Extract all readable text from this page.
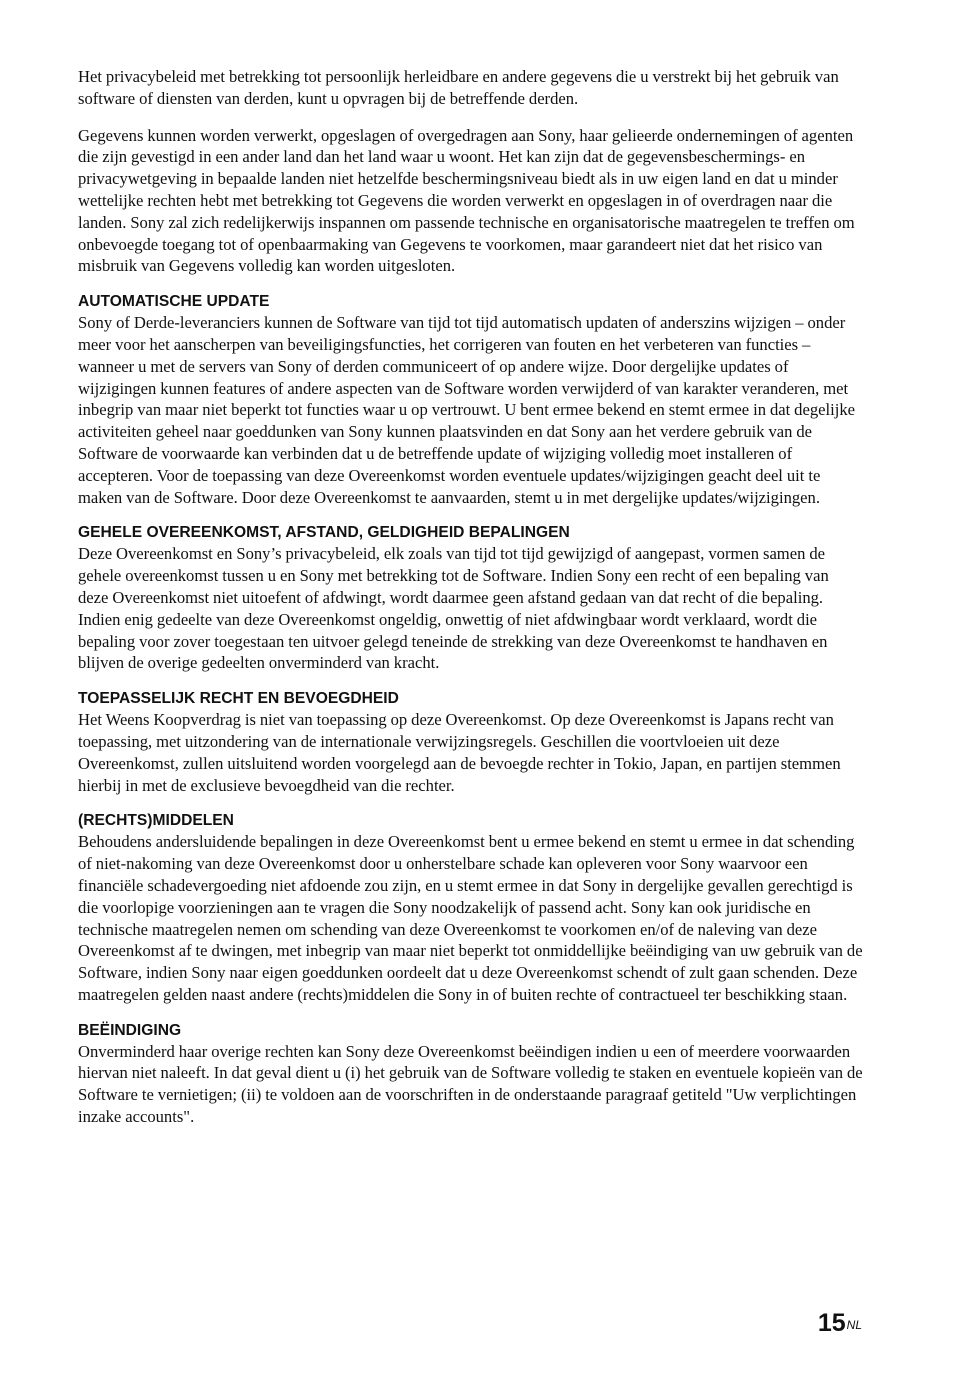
Het privacybeleid met betrekking tot persoonlijk herleidbare en andere gegevens die u verstrekt bij het gebruik van software of diensten van derden, kunt u opvragen bij de betreffende derden.

Gegevens kunnen worden verwerkt, opgeslagen of overgedragen aan Sony, haar gelieerde ondernemingen of agenten die zijn gevestigd in een ander land dan het land waar u woont. Het kan zijn dat de gegevensbeschermings- en privacywetgeving in bepaalde landen niet hetzelfde beschermingsniveau biedt als in uw eigen land en dat u minder wettelijke rechten hebt met betrekking tot Gegevens die worden verwerkt en opgeslagen in of overdragen naar die landen. Sony zal zich redelijkerwijs inspannen om passende technische en organisatorische maatregelen te treffen om onbevoegde toegang tot of openbaarmaking van Gegevens te voorkomen, maar garandeert niet dat het risico van misbruik van Gegevens volledig kan worden uitgesloten.

AUTOMATISCHE UPDATE

Sony of Derde-leveranciers kunnen de Software van tijd tot tijd automatisch updaten of anderszins wijzigen – onder meer voor het aanscherpen van beveiligingsfuncties, het corrigeren van fouten en het verbeteren van functies – wanneer u met de servers van Sony of derden communiceert of op andere wijze. Door dergelijke updates of wijzigingen kunnen features of andere aspecten van de Software worden verwijderd of van karakter veranderen, met inbegrip van maar niet beperkt tot functies waar u op vertrouwt. U bent ermee bekend en stemt ermee in dat degelijke activiteiten geheel naar goeddunken van Sony kunnen plaatsvinden en dat Sony aan het verdere gebruik van de Software de voorwaarde kan verbinden dat u de betreffende update of wijziging volledig moet installeren of accepteren. Voor de toepassing van deze Overeenkomst worden eventuele updates/wijzigingen geacht deel uit te maken van de Software. Door deze Overeenkomst te aanvaarden, stemt u in met dergelijke updates/wijzigingen.

GEHELE OVEREENKOMST, AFSTAND, GELDIGHEID BEPALINGEN

Deze Overeenkomst en Sony’s privacybeleid, elk zoals van tijd tot tijd gewijzigd of aangepast, vormen samen de gehele overeenkomst tussen u en Sony met betrekking tot de Software. Indien Sony een recht of een bepaling van deze Overeenkomst niet uitoefent of afdwingt, wordt daarmee geen afstand gedaan van dat recht of die bepaling. Indien enig gedeelte van deze Overeenkomst ongeldig, onwettig of niet afdwingbaar wordt verklaard, wordt die bepaling voor zover toegestaan ten uitvoer gelegd teneinde de strekking van deze Overeenkomst te handhaven en blijven de overige gedeelten onverminderd van kracht.

TOEPASSELIJK RECHT EN BEVOEGDHEID

Het Weens Koopverdrag is niet van toepassing op deze Overeenkomst. Op deze Overeenkomst is Japans recht van toepassing, met uitzondering van de internationale verwijzingsregels. Geschillen die voortvloeien uit deze Overeenkomst, zullen uitsluitend worden voorgelegd aan de bevoegde rechter in Tokio, Japan, en partijen stemmen hierbij in met de exclusieve bevoegdheid van die rechter.

(RECHTS)MIDDELEN

Behoudens andersluidende bepalingen in deze Overeenkomst bent u ermee bekend en stemt u ermee in dat schending of niet-nakoming van deze Overeenkomst door u onherstelbare schade kan opleveren voor Sony waarvoor een financiële schadevergoeding niet afdoende zou zijn, en u stemt ermee in dat Sony in dergelijke gevallen gerechtigd is die voorlopige voorzieningen aan te vragen die Sony noodzakelijk of passend acht. Sony kan ook juridische en technische maatregelen nemen om schending van deze Overeenkomst te voorkomen en/of de naleving van deze Overeenkomst af te dwingen, met inbegrip van maar niet beperkt tot onmiddellijke beëindiging van uw gebruik van de Software, indien Sony naar eigen goeddunken oordeelt dat u deze Overeenkomst schendt of zult gaan schenden. Deze maatregelen gelden naast andere (rechts)middelen die Sony in of buiten rechte of contractueel ter beschikking staan.

BEËINDIGING

Onverminderd haar overige rechten kan Sony deze Overeenkomst beëindigen indien u een of meerdere voorwaarden hiervan niet naleeft. In dat geval dient u (i) het gebruik van de Software volledig te staken en eventuele kopieën van de Software te vernietigen; (ii) te voldoen aan de voorschriften in de onderstaande paragraaf getiteld "Uw verplichtingen inzake accounts".

$15^{NL}$
